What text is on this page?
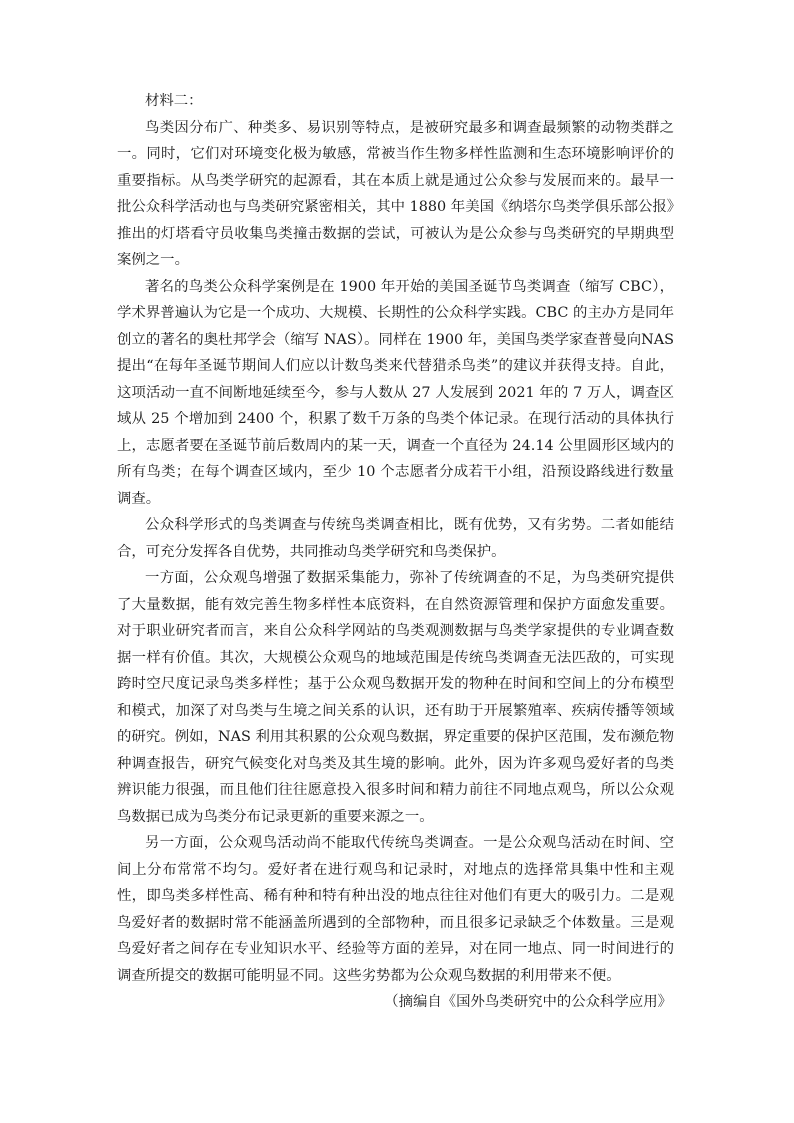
材料二：

鸟类因分布广、种类多、易识别等特点，是被研究最多和调查最频繁的动物类群之一。同时，它们对环境变化极为敏感，常被当作生物多样性监测和生态环境影响评价的重要指标。从鸟类学研究的起源看，其在本质上就是通过公众参与发展而来的。最早一批公众科学活动也与鸟类研究紧密相关，其中 1880 年美国《纳塔尔鸟类学俱乐部公报》推出的灯塔看守员收集鸟类撞击数据的尝试，可被认为是公众参与鸟类研究的早期典型案例之一。

著名的鸟类公众科学案例是在 1900 年开始的美国圣诞节鸟类调查（缩写 CBC），学术界普遍认为它是一个成功、大规模、长期性的公众科学实践。CBC 的主办方是同年创立的著名的奥杜邦学会（缩写 NAS）。同样在 1900 年，美国鸟类学家查普曼向NAS 提出“在每年圣诞节期间人们应以计数鸟类来代替猎杀鸟类”的建议并获得支持。自此，这项活动一直不间断地延续至今，参与人数从 27 人发展到 2021 年的 7 万人，调查区域从 25 个增加到 2400 个，积累了数千万条的鸟类个体记录。在现行活动的具体执行上，志愿者要在圣诞节前后数周内的某一天，调查一个直径为 24.14 公里圆形区域内的所有鸟类；在每个调查区域内，至少 10 个志愿者分成若干小组，沿预设路线进行数量调查。

公众科学形式的鸟类调查与传统鸟类调查相比，既有优势，又有劣势。二者如能结合，可充分发挥各自优势，共同推动鸟类学研究和鸟类保护。

一方面，公众观鸟增强了数据采集能力，弥补了传统调查的不足，为鸟类研究提供了大量数据，能有效完善生物多样性本底资料，在自然资源管理和保护方面愈发重要。对于职业研究者而言，来自公众科学网站的鸟类观测数据与鸟类学家提供的专业调查数据一样有价值。其次，大规模公众观鸟的地域范围是传统鸟类调查无法匹敌的，可实现跨时空尺度记录鸟类多样性；基于公众观鸟数据开发的物种在时间和空间上的分布模型和模式，加深了对鸟类与生境之间关系的认识，还有助于开展繁殖率、疾病传播等领域的研究。例如，NAS 利用其积累的公众观鸟数据，界定重要的保护区范围，发布濒危物种调查报告，研究气候变化对鸟类及其生境的影响。此外，因为许多观鸟爱好者的鸟类辨识能力很强，而且他们往往愿意投入很多时间和精力前往不同地点观鸟，所以公众观鸟数据已成为鸟类分布记录更新的重要来源之一。

另一方面，公众观鸟活动尚不能取代传统鸟类调查。一是公众观鸟活动在时间、空间上分布常常不均匀。爱好者在进行观鸟和记录时，对地点的选择常具集中性和主观性，即鸟类多样性高、稀有种和特有种出没的地点往往对他们有更大的吸引力。二是观鸟爱好者的数据时常不能涵盖所遇到的全部物种，而且很多记录缺乏个体数量。三是观鸟爱好者之间存在专业知识水平、经验等方面的差异，对在同一地点、同一时间进行的调查所提交的数据可能明显不同。这些劣势都为公众观鸟数据的利用带来不便。

（摘编自《国外鸟类研究中的公众科学应用》
